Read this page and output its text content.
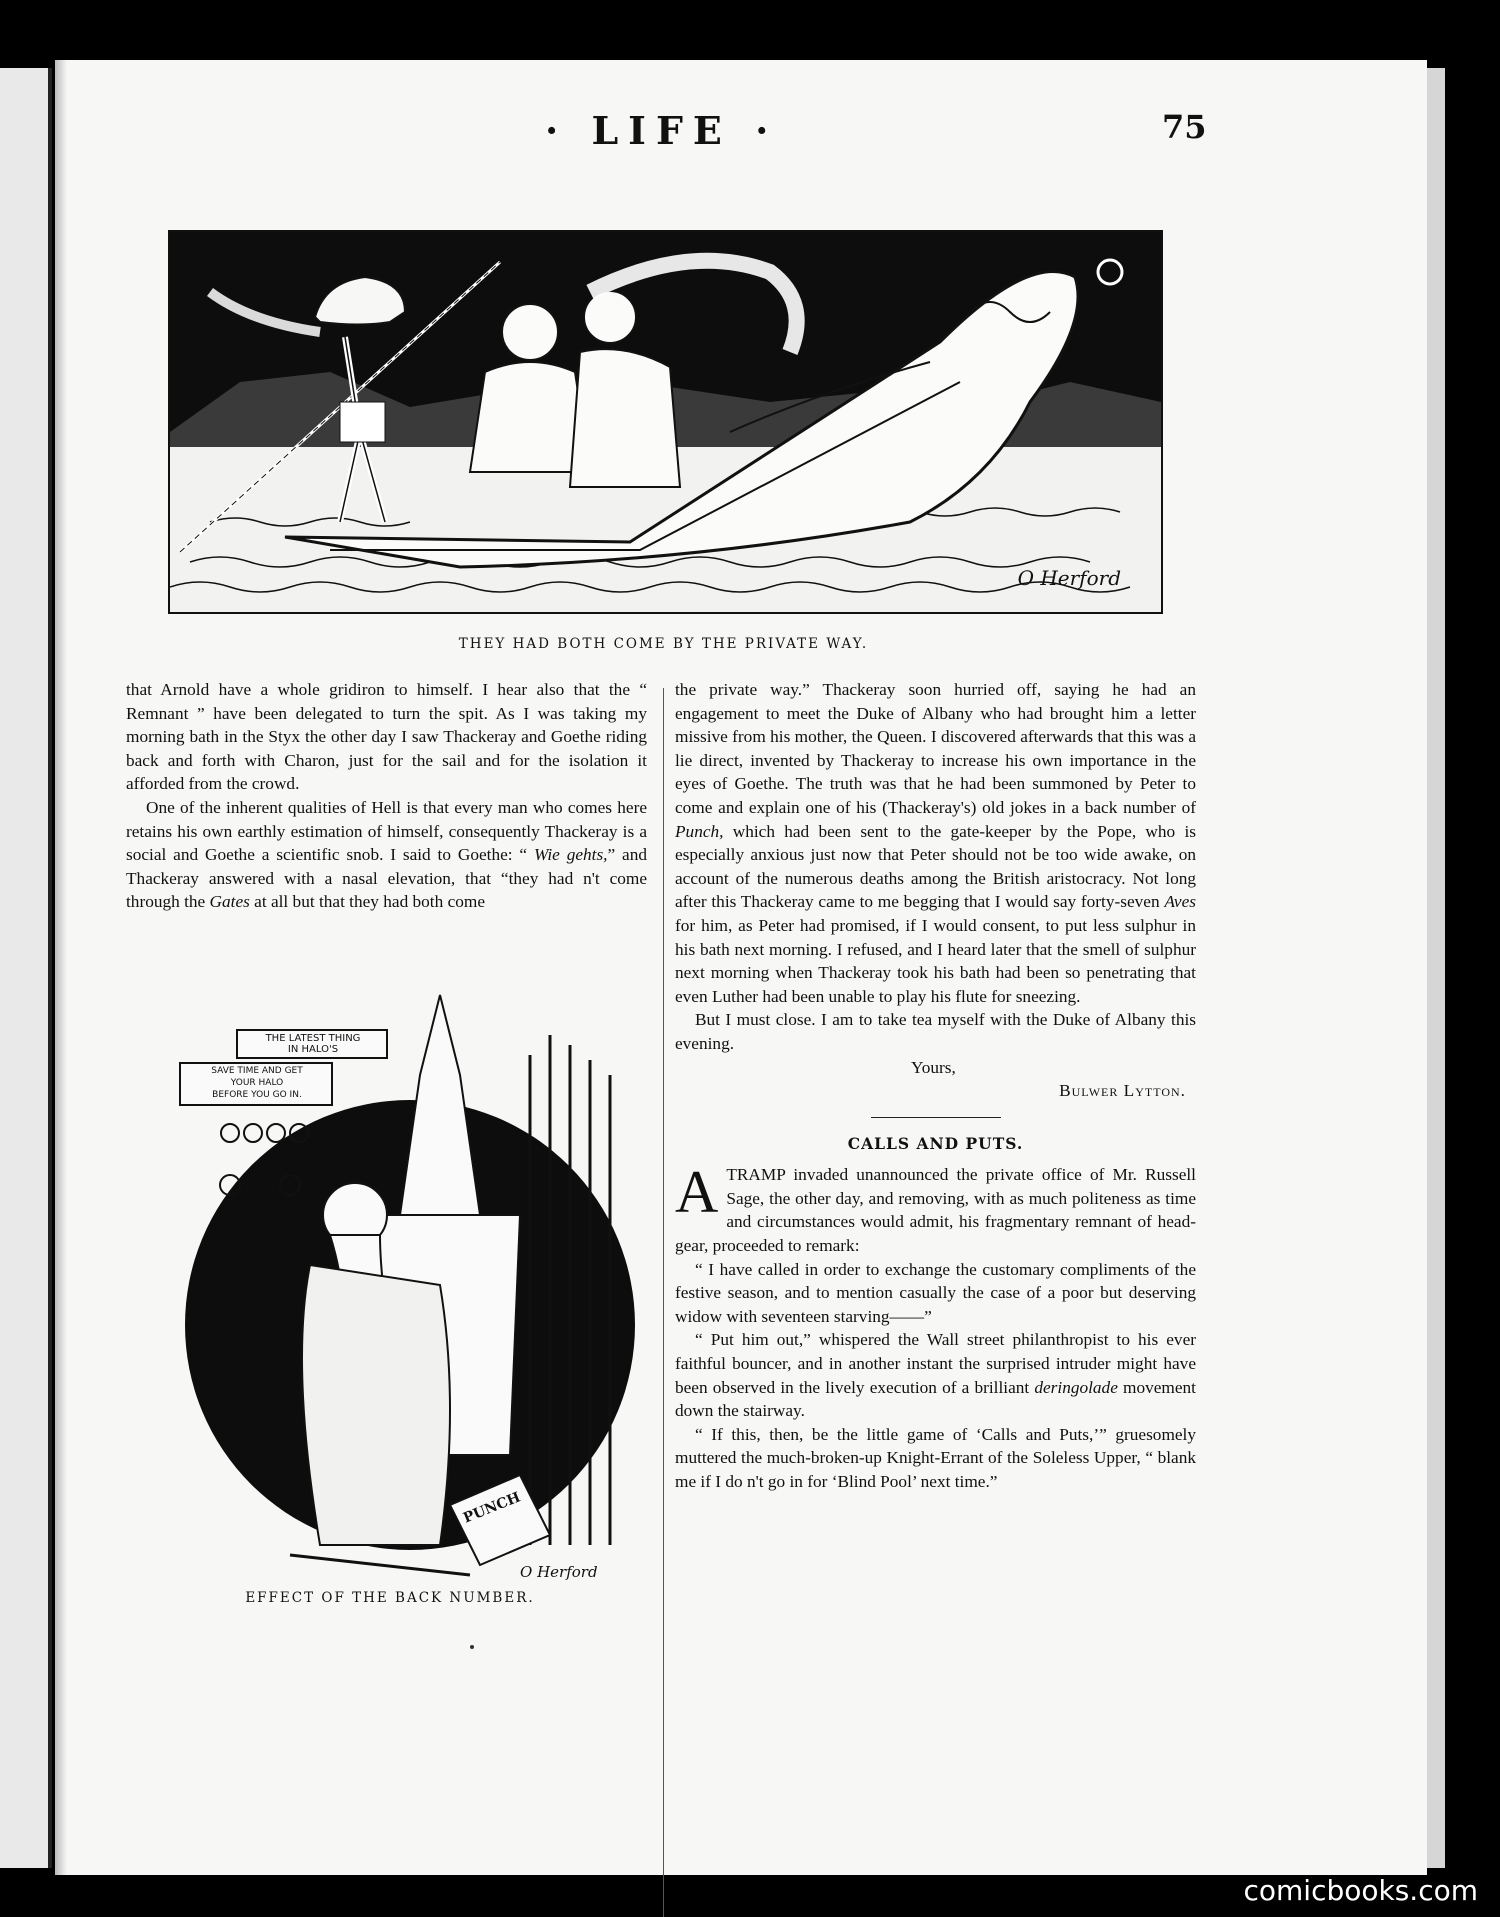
· LIFE ·	75
O Herford
THEY HAD BOTH COME BY THE PRIVATE WAY.

that Arnold have a whole gridiron to himself. I hear also that the “ Remnant ” have been delegated to turn the spit. As I was taking my morning bath in the Styx the other day I saw Thackeray and Goethe riding back and forth with Charon, just for the sail and for the isolation it afforded from the crowd.

One of the inherent qualities of Hell is that every man who comes here retains his own earthly estimation of himself, consequently Thackeray is a social and Goethe a scientific snob. I said to Goethe: “ Wie gehts,” and Thackeray answered with a nasal elevation, that “they had n't come through the Gates at all but that they had both come

THE LATEST THING
IN HALO'S
SAVE TIME AND GET
YOUR HALO
BEFORE YOU GO IN.
PUNCH
O Herford
EFFECT OF THE BACK NUMBER.

the private way.” Thackeray soon hurried off, saying he had an engagement to meet the Duke of Albany who had brought him a letter missive from his mother, the Queen. I discovered afterwards that this was a lie direct, invented by Thackeray to increase his own importance in the eyes of Goethe. The truth was that he had been summoned by Peter to come and explain one of his (Thackeray's) old jokes in a back number of Punch, which had been sent to the gate-keeper by the Pope, who is especially anxious just now that Peter should not be too wide awake, on account of the numerous deaths among the British aristocracy. Not long after this Thackeray came to me begging that I would say forty-seven Aves for him, as Peter had promised, if I would consent, to put less sulphur in his bath next morning. I refused, and I heard later that the smell of sulphur next morning when Thackeray took his bath had been so penetrating that even Luther had been unable to play his flute for sneezing.

But I must close. I am to take tea myself with the Duke of Albany this evening.

Yours,

Bulwer Lytton.

CALLS AND PUTS.

ATRAMP invaded unannounced the private office of Mr. Russell Sage, the other day, and removing, with as much politeness as time and circumstances would admit, his fragmentary remnant of head-gear, proceeded to remark:

“ I have called in order to exchange the customary compliments of the festive season, and to mention casually the case of a poor but deserving widow with seventeen starving——”

“ Put him out,” whispered the Wall street philanthropist to his ever faithful bouncer, and in another instant the surprised intruder might have been observed in the lively execution of a brilliant deringolade movement down the stairway.

“ If this, then, be the little game of ‘Calls and Puts,’” gruesomely muttered the much-broken-up Knight-Errant of the Soleless Upper, “ blank me if I do n't go in for ‘Blind Pool’ next time.”

comicbooks.com
